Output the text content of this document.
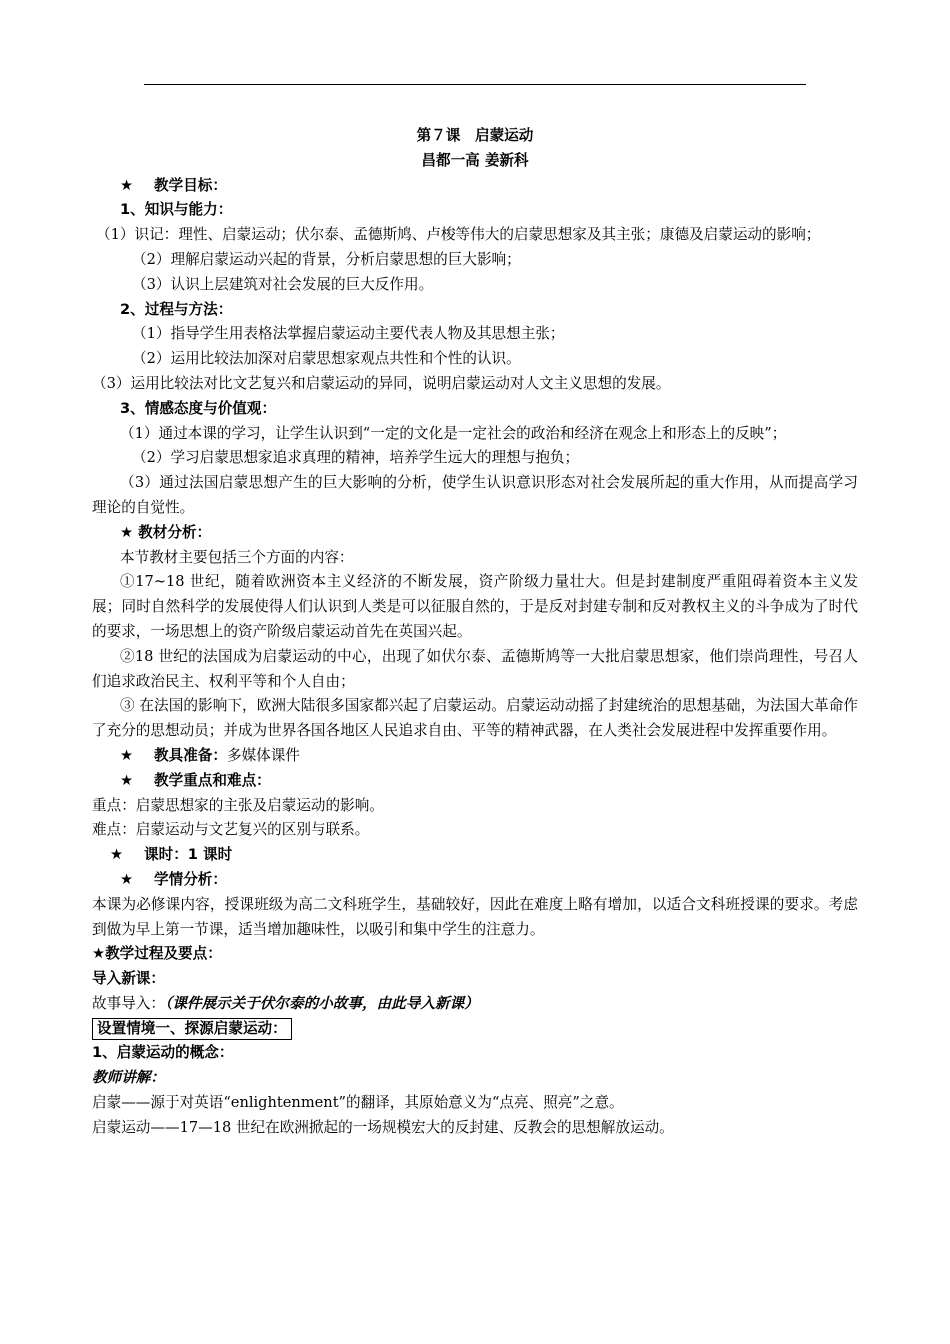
第７课　启蒙运动
昌都一高 姜新科
★ 教学目标：
1、知识与能力：
（1）识记：理性、启蒙运动；伏尔泰、孟德斯鸠、卢梭等伟大的启蒙思想家及其主张；康德及启蒙运动的影响；
（2）理解启蒙运动兴起的背景，分析启蒙思想的巨大影响；
（3）认识上层建筑对社会发展的巨大反作用。
2、过程与方法：
（1）指导学生用表格法掌握启蒙运动主要代表人物及其思想主张；
（2）运用比较法加深对启蒙思想家观点共性和个性的认识。
（3）运用比较法对比文艺复兴和启蒙运动的异同，说明启蒙运动对人文主义思想的发展。
3、情感态度与价值观：
（1）通过本课的学习，让学生认识到“一定的文化是一定社会的政治和经济在观念上和形态上的反映”；
（2）学习启蒙思想家追求真理的精神，培养学生远大的理想与抱负；
（3）通过法国启蒙思想产生的巨大影响的分析，使学生认识意识形态对社会发展所起的重大作用，从而提高学习理论的自觉性。
★ 教材分析：
本节教材主要包括三个方面的内容：
①17~18 世纪，随着欧洲资本主义经济的不断发展，资产阶级力量壮大。但是封建制度严重阻碍着资本主义发展；同时自然科学的发展使得人们认识到人类是可以征服自然的，于是反对封建专制和反对教权主义的斗争成为了时代的要求，一场思想上的资产阶级启蒙运动首先在英国兴起。
②18 世纪的法国成为启蒙运动的中心，出现了如伏尔泰、孟德斯鸠等一大批启蒙思想家，他们崇尚理性，号召人们追求政治民主、权利平等和个人自由；
③ 在法国的影响下，欧洲大陆很多国家都兴起了启蒙运动。启蒙运动动摇了封建统治的思想基础，为法国大革命作了充分的思想动员；并成为世界各国各地区人民追求自由、平等的精神武器，在人类社会发展进程中发挥重要作用。
★ 教具准备：多媒体课件
★ 教学重点和难点：
重点：启蒙思想家的主张及启蒙运动的影响。
难点：启蒙运动与文艺复兴的区别与联系。
★ 课时：1 课时
★ 学情分析：
本课为必修课内容，授课班级为高二文科班学生，基础较好，因此在难度上略有增加，以适合文科班授课的要求。考虑到做为早上第一节课，适当增加趣味性，以吸引和集中学生的注意力。
★教学过程及要点：
导入新课：
故事导入：（课件展示关于伏尔泰的小故事，由此导入新课）
设置情境一、探源启蒙运动：
1、启蒙运动的概念：
教师讲解：
启蒙——源于对英语“enlightenment”的翻译，其原始意义为“点亮、照亮”之意。
启蒙运动——17—18 世纪在欧洲掀起的一场规模宏大的反封建、反教会的思想解放运动。
